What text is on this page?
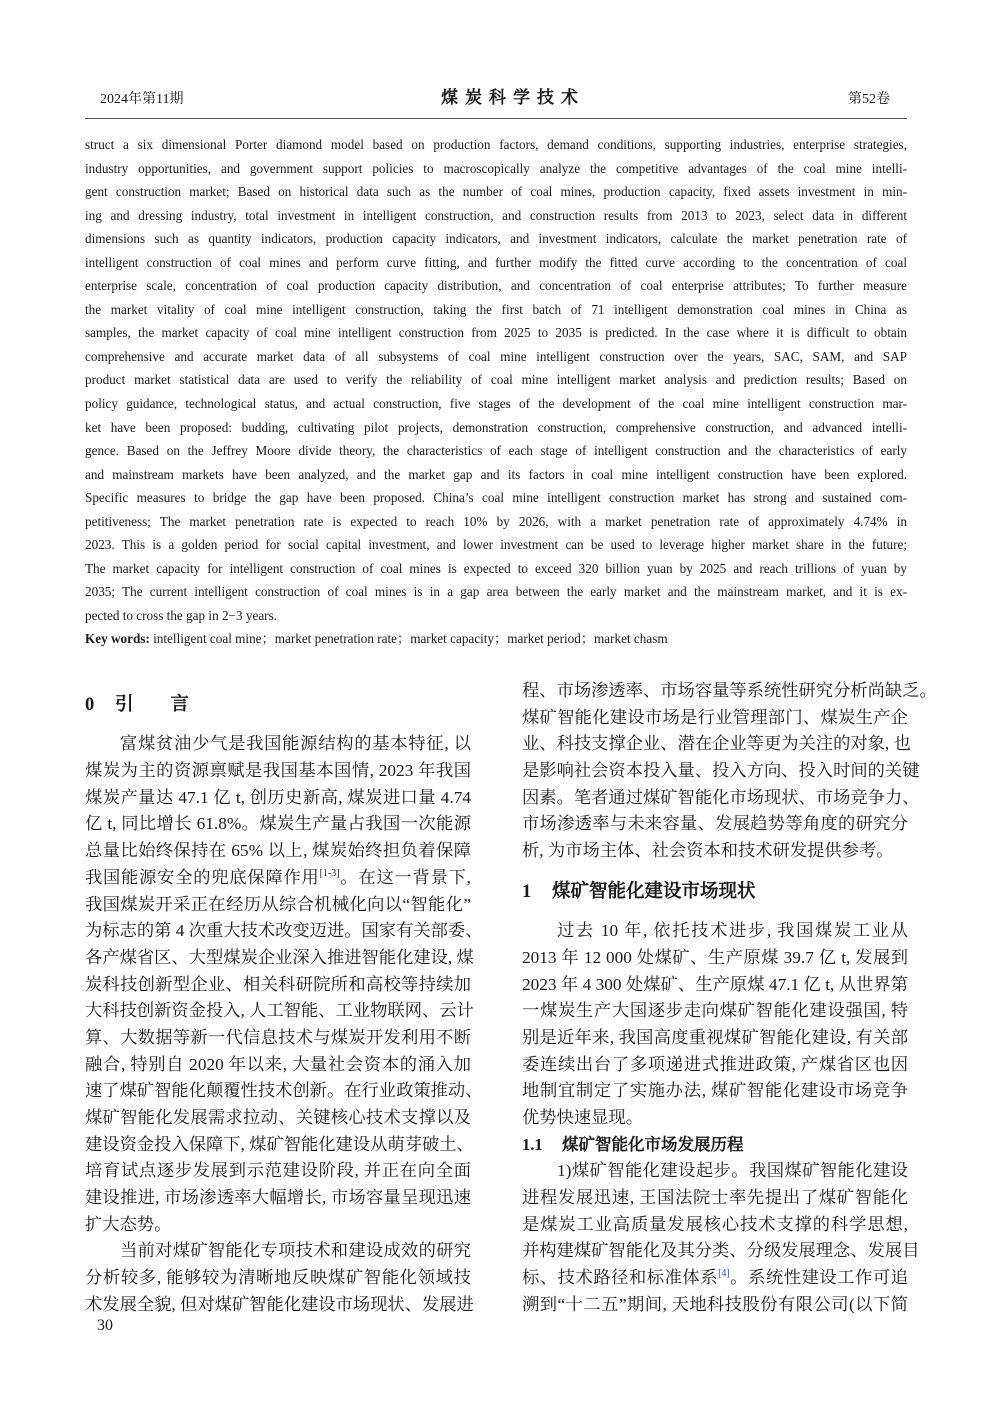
2024年第11期	煤炭科学技术	第52卷
struct a six dimensional Porter diamond model based on production factors, demand conditions, supporting industries, enterprise strategies,
industry opportunities, and government support policies to macroscopically analyze the competitive advantages of the coal mine intelli-
gent construction market; Based on historical data such as the number of coal mines, production capacity, fixed assets investment in min-
ing and dressing industry, total investment in intelligent construction, and construction results from 2013 to 2023, select data in different
dimensions such as quantity indicators, production capacity indicators, and investment indicators, calculate the market penetration rate of
intelligent construction of coal mines and perform curve fitting, and further modify the fitted curve according to the concentration of coal
enterprise scale, concentration of coal production capacity distribution, and concentration of coal enterprise attributes; To further measure
the market vitality of coal mine intelligent construction, taking the first batch of 71 intelligent demonstration coal mines in China as
samples, the market capacity of coal mine intelligent construction from 2025 to 2035 is predicted. In the case where it is difficult to obtain
comprehensive and accurate market data of all subsystems of coal mine intelligent construction over the years, SAC, SAM, and SAP
product market statistical data are used to verify the reliability of coal mine intelligent market analysis and prediction results; Based on
policy guidance, technological status, and actual construction, five stages of the development of the coal mine intelligent construction mar-
ket have been proposed: budding, cultivating pilot projects, demonstration construction, comprehensive construction, and advanced intelli-
gence. Based on the Jeffrey Moore divide theory, the characteristics of each stage of intelligent construction and the characteristics of early
and mainstream markets have been analyzed, and the market gap and its factors in coal mine intelligent construction have been explored.
Specific measures to bridge the gap have been proposed. China’s coal mine intelligent construction market has strong and sustained com-
petitiveness; The market penetration rate is expected to reach 10% by 2026, with a market penetration rate of approximately 4.74% in
2023. This is a golden period for social capital investment, and lower investment can be used to leverage higher market share in the future;
The market capacity for intelligent construction of coal mines is expected to exceed 320 billion yuan by 2025 and reach trillions of yuan by
2035; The current intelligent construction of coal mines is in a gap area between the early market and the mainstream market, and it is ex-
pected to cross the gap in 2−3 years.
Key words: intelligent coal mine；market penetration rate；market capacity；market period；market chasm
0 引　　言
富煤贫油少气是我国能源结构的基本特征, 以
煤炭为主的资源禀赋是我国基本国情, 2023 年我国
煤炭产量达 47.1 亿 t, 创历史新高, 煤炭进口量 4.74
亿 t, 同比增长 61.8%。煤炭生产量占我国一次能源
总量比始终保持在 65% 以上, 煤炭始终担负着保障
我国能源安全的兜底保障作用[1-3]。在这一背景下,
我国煤炭开采正在经历从综合机械化向以“智能化”
为标志的第 4 次重大技术改变迈进。国家有关部委、
各产煤省区、大型煤炭企业深入推进智能化建设, 煤
炭科技创新型企业、相关科研院所和高校等持续加
大科技创新资金投入, 人工智能、工业物联网、云计
算、大数据等新一代信息技术与煤炭开发利用不断
融合, 特别自 2020 年以来, 大量社会资本的涌入加
速了煤矿智能化颠覆性技术创新。在行业政策推动、
煤矿智能化发展需求拉动、关键核心技术支撑以及
建设资金投入保障下, 煤矿智能化建设从萌芽破土、
培育试点逐步发展到示范建设阶段, 并正在向全面
建设推进, 市场渗透率大幅增长, 市场容量呈现迅速
扩大态势。
当前对煤矿智能化专项技术和建设成效的研究
分析较多, 能够较为清晰地反映煤矿智能化领域技
术发展全貌, 但对煤矿智能化建设市场现状、发展进
程、市场渗透率、市场容量等系统性研究分析尚缺乏。
煤矿智能化建设市场是行业管理部门、煤炭生产企
业、科技支撑企业、潜在企业等更为关注的对象, 也
是影响社会资本投入量、投入方向、投入时间的关键
因素。笔者通过煤矿智能化市场现状、市场竞争力、
市场渗透率与未来容量、发展趋势等角度的研究分
析, 为市场主体、社会资本和技术研发提供参考。
1 煤矿智能化建设市场现状
过去 10 年, 依托技术进步, 我国煤炭工业从
2013 年 12 000 处煤矿、生产原煤 39.7 亿 t, 发展到
2023 年 4 300 处煤矿、生产原煤 47.1 亿 t, 从世界第
一煤炭生产大国逐步走向煤矿智能化建设强国, 特
别是近年来, 我国高度重视煤矿智能化建设, 有关部
委连续出台了多项递进式推进政策, 产煤省区也因
地制宜制定了实施办法, 煤矿智能化建设市场竞争
优势快速显现。
1.1 煤矿智能化市场发展历程
1)煤矿智能化建设起步。我国煤矿智能化建设
进程发展迅速, 王国法院士率先提出了煤矿智能化
是煤炭工业高质量发展核心技术支撑的科学思想,
并构建煤矿智能化及其分类、分级发展理念、发展目
标、技术路径和标准体系[4]。系统性建设工作可追
溯到“十二五”期间, 天地科技股份有限公司(以下简
30
